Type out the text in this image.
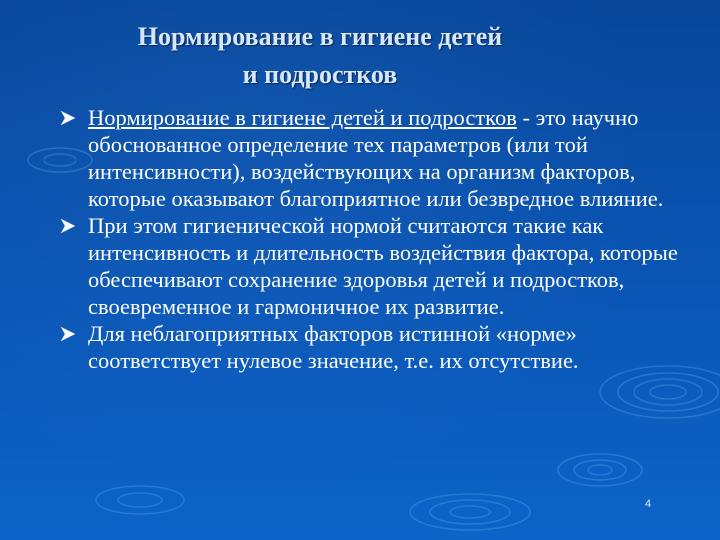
Нормирование в гигиене детей
и подростков

Нормирование в гигиене детей и подростков - это научно обоснованное определение тех параметров (или той интенсивности), воздействующих на организм факторов, которые оказывают благоприятное или безвредное влияние.

При этом гигиенической нормой считаются такие как интенсивность и длительность воздействия фактора, которые обеспечивают сохранение здоровья детей и подростков, своевременное и гармоничное их развитие.

Для неблагоприятных факторов истинной «норме» соответствует нулевое значение, т.е. их отсутствие.

4
